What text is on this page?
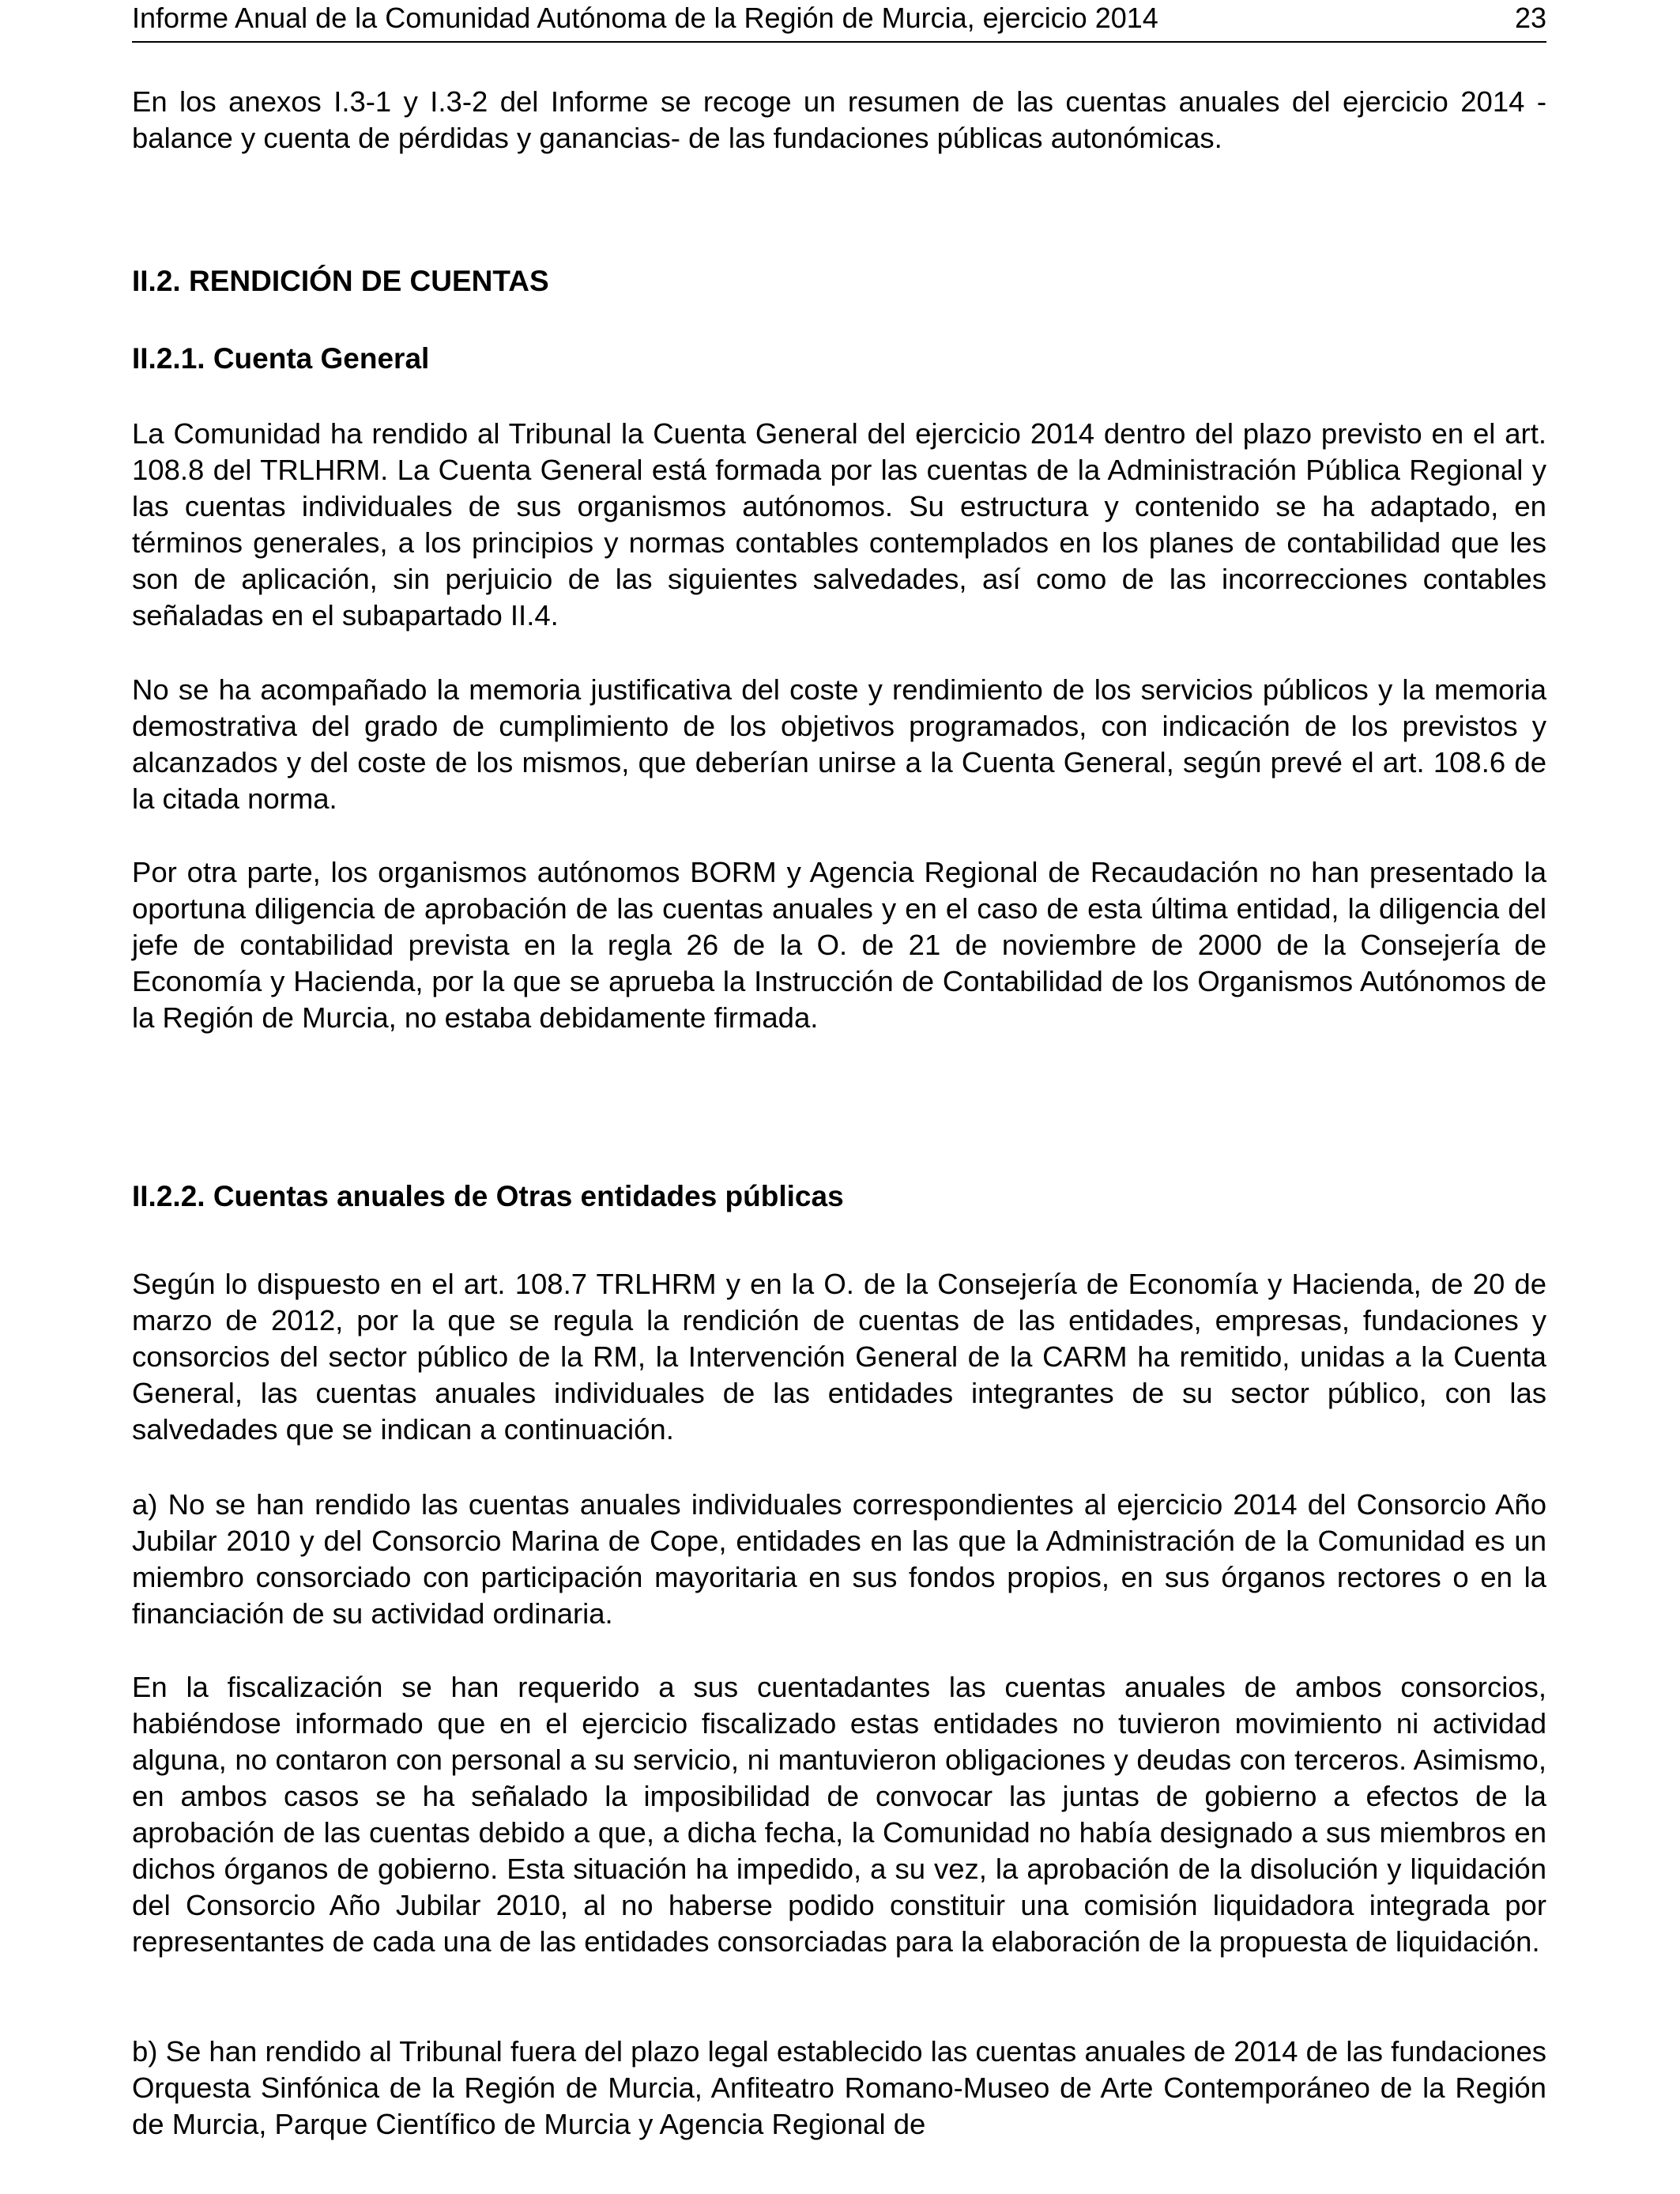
Informe Anual de la Comunidad Autónoma de la Región de Murcia, ejercicio 2014	23

En los anexos I.3-1 y I.3-2 del Informe se recoge un resumen de las cuentas anuales del ejercicio 2014 -balance y cuenta de pérdidas y ganancias- de las fundaciones públicas autonómicas.

II.2. RENDICIÓN DE CUENTAS
II.2.1. Cuenta General

La Comunidad ha rendido al Tribunal la Cuenta General del ejercicio 2014 dentro del plazo previsto en el art. 108.8 del TRLHRM. La Cuenta General está formada por las cuentas de la Administración Pública Regional y las cuentas individuales de sus organismos autónomos. Su estructura y contenido se ha adaptado, en términos generales, a los principios y normas contables contemplados en los planes de contabilidad que les son de aplicación, sin perjuicio de las siguientes salvedades, así como de las incorrecciones contables señaladas en el subapartado II.4.

No se ha acompañado la memoria justificativa del coste y rendimiento de los servicios públicos y la memoria demostrativa del grado de cumplimiento de los objetivos programados, con indicación de los previstos y alcanzados y del coste de los mismos, que deberían unirse a la Cuenta General, según prevé el art. 108.6 de la citada norma.

Por otra parte, los organismos autónomos BORM y Agencia Regional de Recaudación no han presentado la oportuna diligencia de aprobación de las cuentas anuales y en el caso de esta última entidad, la diligencia del jefe de contabilidad prevista en la regla 26 de la O. de 21 de noviembre de 2000 de la Consejería de Economía y Hacienda, por la que se aprueba la Instrucción de Contabilidad de los Organismos Autónomos de la Región de Murcia, no estaba debidamente firmada.

II.2.2. Cuentas anuales de Otras entidades públicas

Según lo dispuesto en el art. 108.7 TRLHRM y en la O. de la Consejería de Economía y Hacienda, de 20 de marzo de 2012, por la que se regula la rendición de cuentas de las entidades, empresas, fundaciones y consorcios del sector público de la RM, la Intervención General de la CARM ha remitido, unidas a la Cuenta General, las cuentas anuales individuales de las entidades integrantes de su sector público, con las salvedades que se indican a continuación.

a) No se han rendido las cuentas anuales individuales correspondientes al ejercicio 2014 del Consorcio Año Jubilar 2010 y del Consorcio Marina de Cope, entidades en las que la Administración de la Comunidad es un miembro consorciado con participación mayoritaria en sus fondos propios, en sus órganos rectores o en la financiación de su actividad ordinaria.

En la fiscalización se han requerido a sus cuentadantes las cuentas anuales de ambos consorcios, habiéndose informado que en el ejercicio fiscalizado estas entidades no tuvieron movimiento ni actividad alguna, no contaron con personal a su servicio, ni mantuvieron obligaciones y deudas con terceros. Asimismo, en ambos casos se ha señalado la imposibilidad de convocar las juntas de gobierno a efectos de la aprobación de las cuentas debido a que, a dicha fecha, la Comunidad no había designado a sus miembros en dichos órganos de gobierno. Esta situación ha impedido, a su vez, la aprobación de la disolución y liquidación del Consorcio Año Jubilar 2010, al no haberse podido constituir una comisión liquidadora integrada por representantes de cada una de las entidades consorciadas para la elaboración de la propuesta de liquidación.

b) Se han rendido al Tribunal fuera del plazo legal establecido las cuentas anuales de 2014 de las fundaciones Orquesta Sinfónica de la Región de Murcia, Anfiteatro Romano-Museo de Arte Contemporáneo de la Región de Murcia, Parque Científico de Murcia y Agencia Regional de
